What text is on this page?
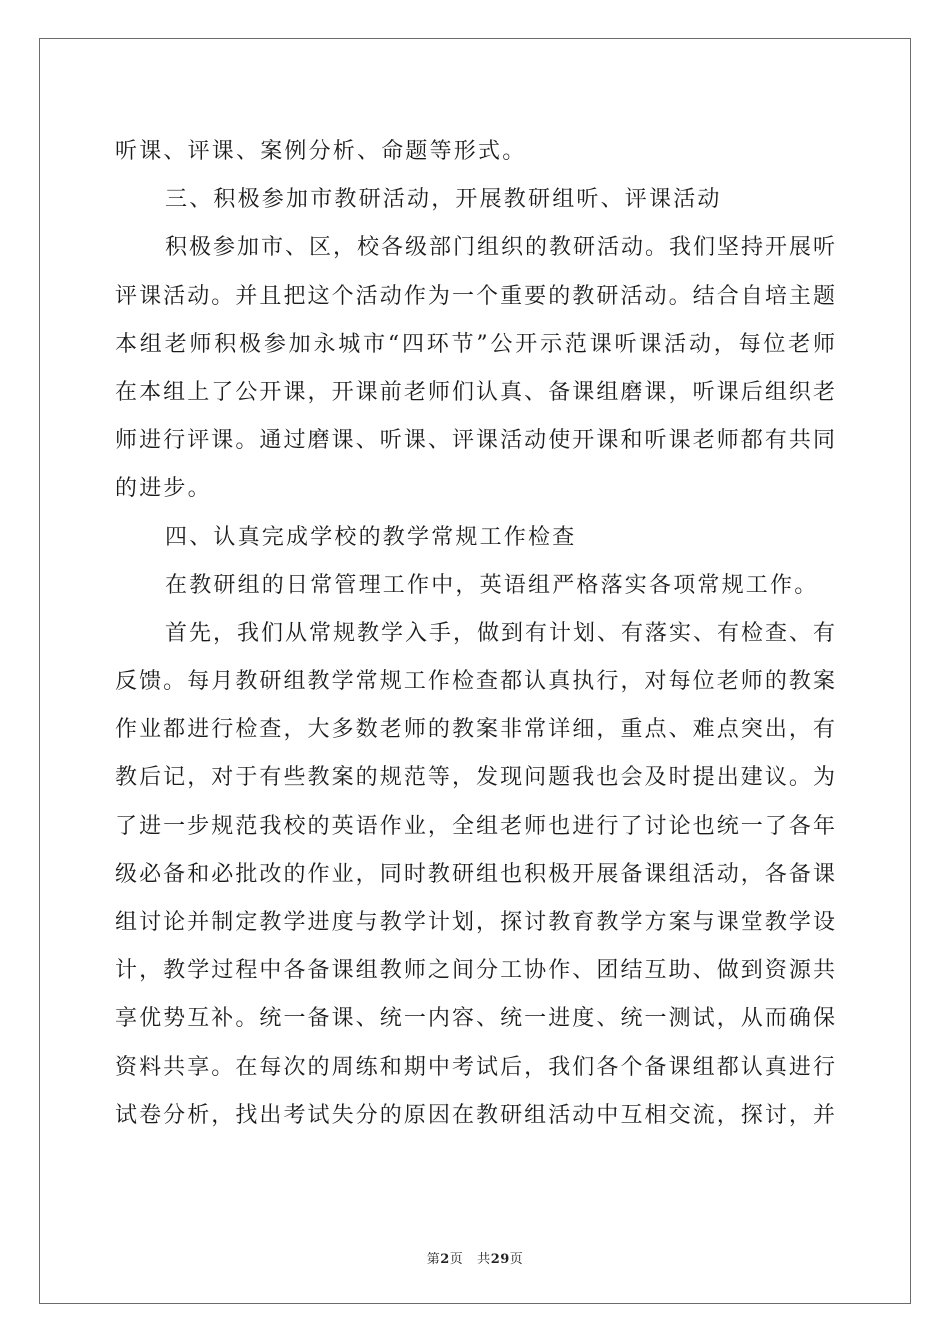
听课、评课、案例分析、命题等形式。
三、积极参加市教研活动，开展教研组听、评课活动
积极参加市、区，校各级部门组织的教研活动。我们坚持开展听
评课活动。并且把这个活动作为一个重要的教研活动。结合自培主题
本组老师积极参加永城市“四环节”公开示范课听课活动，每位老师
在本组上了公开课，开课前老师们认真、备课组磨课，听课后组织老
师进行评课。通过磨课、听课、评课活动使开课和听课老师都有共同
的进步。
四、认真完成学校的教学常规工作检查
在教研组的日常管理工作中，英语组严格落实各项常规工作。
首先，我们从常规教学入手，做到有计划、有落实、有检查、有
反馈。每月教研组教学常规工作检查都认真执行，对每位老师的教案
作业都进行检查，大多数老师的教案非常详细，重点、难点突出，有
教后记，对于有些教案的规范等，发现问题我也会及时提出建议。为
了进一步规范我校的英语作业，全组老师也进行了讨论也统一了各年
级必备和必批改的作业，同时教研组也积极开展备课组活动，各备课
组讨论并制定教学进度与教学计划，探讨教育教学方案与课堂教学设
计，教学过程中各备课组教师之间分工协作、团结互助、做到资源共
享优势互补。统一备课、统一内容、统一进度、统一测试，从而确保
资料共享。在每次的周练和期中考试后，我们各个备课组都认真进行
试卷分析，找出考试失分的原因在教研组活动中互相交流，探讨，并
第2页 共29页
